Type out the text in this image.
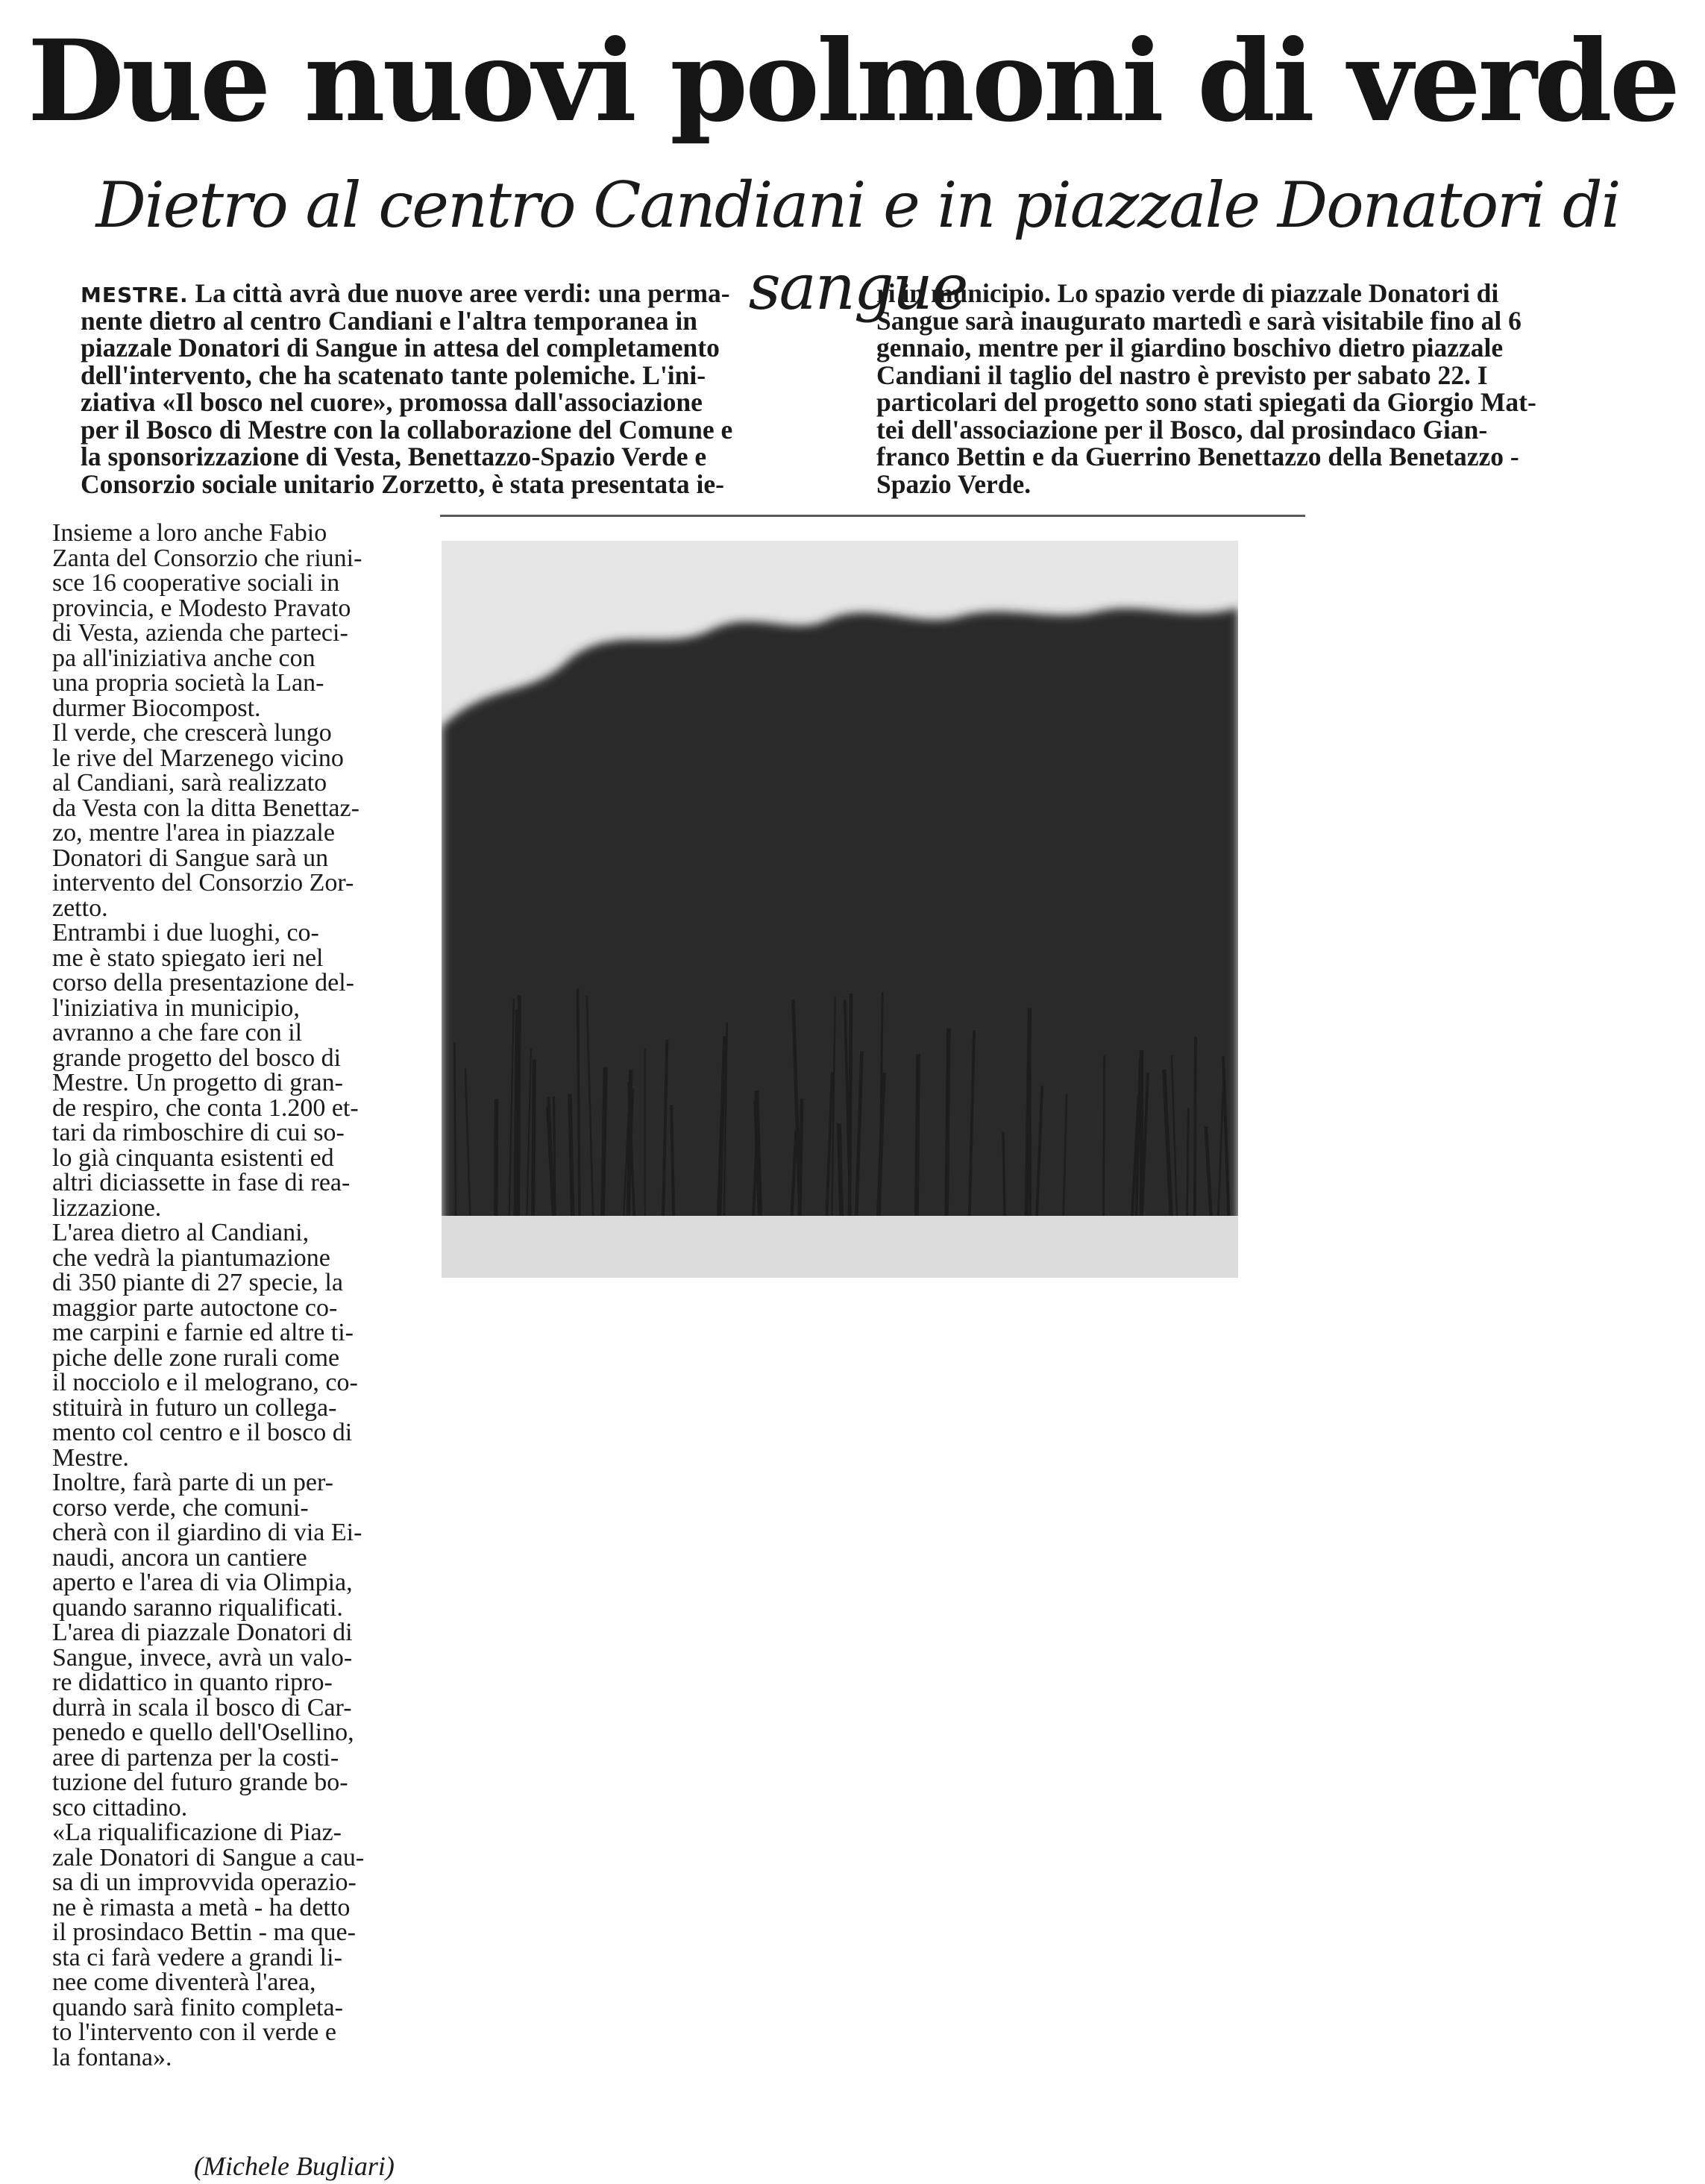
Due nuovi polmoni di verde
Dietro al centro Candiani e in piazzale Donatori di sangue
MESTRE. La città avrà due nuove aree verdi: una perma-
nente dietro al centro Candiani e l'altra temporanea in
piazzale Donatori di Sangue in attesa del completamento
dell'intervento, che ha scatenato tante polemiche. L'ini-
ziativa «Il bosco nel cuore», promossa dall'associazione
per il Bosco di Mestre con la collaborazione del Comune e
la sponsorizzazione di Vesta, Benettazzo-Spazio Verde e
Consorzio sociale unitario Zorzetto, è stata presentata ie-
ri in municipio. Lo spazio verde di piazzale Donatori di
Sangue sarà inaugurato martedì e sarà visitabile fino al 6
gennaio, mentre per il giardino boschivo dietro piazzale
Candiani il taglio del nastro è previsto per sabato 22. I
particolari del progetto sono stati spiegati da Giorgio Mat-
tei dell'associazione per il Bosco, dal prosindaco Gian-
franco Bettin e da Guerrino Benettazzo della Benetazzo -
Spazio Verde.
Insieme a loro anche Fabio
Zanta del Consorzio che riuni-
sce 16 cooperative sociali in
provincia, e Modesto Pravato
di Vesta, azienda che parteci-
pa all'iniziativa anche con
una propria società la Lan-
durmer Biocompost.
Il verde, che crescerà lungo
le rive del Marzenego vicino
al Candiani, sarà realizzato
da Vesta con la ditta Benettaz-
zo, mentre l'area in piazzale
Donatori di Sangue sarà un
intervento del Consorzio Zor-
zetto.
Entrambi i due luoghi, co-
me è stato spiegato ieri nel
corso della presentazione del-
l'iniziativa in municipio,
avranno a che fare con il
grande progetto del bosco di
Mestre. Un progetto di gran-
de respiro, che conta 1.200 et-
tari da rimboschire di cui so-
lo già cinquanta esistenti ed
altri diciassette in fase di rea-
lizzazione.
L'area dietro al Candiani,
che vedrà la piantumazione
di 350 piante di 27 specie, la
maggior parte autoctone co-
me carpini e farnie ed altre ti-
piche delle zone rurali come
il nocciolo e il melograno, co-
stituirà in futuro un collega-
mento col centro e il bosco di
Mestre.
Inoltre, farà parte di un per-
corso verde, che comuni-
cherà con il giardino di via Ei-
naudi, ancora un cantiere
aperto e l'area di via Olimpia,
quando saranno riqualificati.
L'area di piazzale Donatori di
Sangue, invece, avrà un valo-
re didattico in quanto ripro-
durrà in scala il bosco di Car-
penedo e quello dell'Osellino,
aree di partenza per la costi-
tuzione del futuro grande bo-
sco cittadino.
«La riqualificazione di Piaz-
zale Donatori di Sangue a cau-
sa di un improvvida operazio-
ne è rimasta a metà - ha detto
il prosindaco Bettin - ma que-
sta ci farà vedere a grandi li-
nee come diventerà l'area,
quando sarà finito completa-
to l'intervento con il verde e
la fontana».
(Michele Bugliari)
